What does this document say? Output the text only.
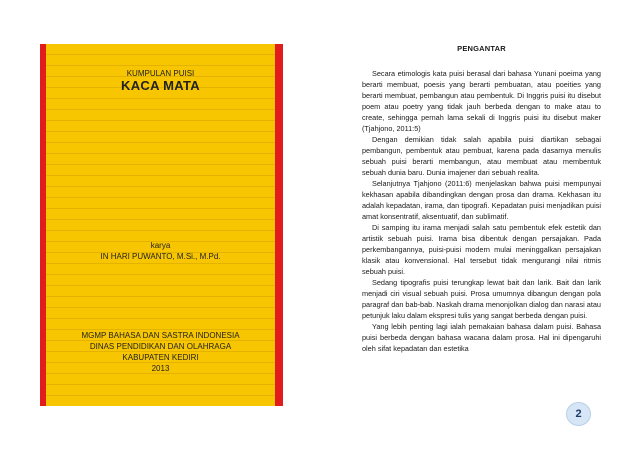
KUMPULAN PUISI
KACA MATA
karya
IN HARI PUWANTO, M.Si., M.Pd.
MGMP BAHASA DAN SASTRA INDONESIA
DINAS PENDIDIKAN DAN OLAHRAGA
KABUPATEN KEDIRI
2013
PENGANTAR

Secara etimologis kata puisi berasal dari bahasa Yunani poeima yang berarti membuat, poesis yang berarti pembuatan, atau poeities yang berarti membuat, pembangun atau pembentuk. Di Inggris puisi itu disebut poem atau poetry yang tidak jauh berbeda dengan to make atau to create, sehingga pernah lama sekali di Inggris puisi itu disebut maker (Tjahjono, 2011:5)

Dengan demikian tidak salah apabila puisi diartikan sebagai pembangun, pembentuk atau pembuat, karena pada dasarnya menulis sebuah puisi berarti membangun, atau membuat atau membentuk sebuah dunia baru. Dunia imajener dari sebuah realita.

Selanjutnya Tjahjono (2011:6) menjelaskan bahwa puisi mempunyai kekhasan apabila dibandingkan dengan prosa dan drama. Kekhasan itu adalah kepadatan, irama, dan tipografi. Kepadatan puisi menjadikan puisi amat konsentratif, aksentuatif, dan sublimatif.

Di samping itu irama menjadi salah satu pembentuk efek estetik dan artistik sebuah puisi. Irama bisa dibentuk dengan persajakan. Pada perkembangannya, puisi-puisi modern mulai meninggalkan persajakan klasik atau konvensional. Hal tersebut tidak mengurangi nilai ritmis sebuah puisi.

Sedang tipografis puisi terungkap lewat bait dan larik. Bait dan larik menjadi ciri visual sebuah puisi. Prosa umumnya dibangun dengan pola paragraf dan bab-bab. Naskah drama menonjolkan dialog dan narasi atau petunjuk laku dalam ekspresi tulis yang sangat berbeda dengan puisi.

Yang lebih penting lagi ialah pemakaian bahasa dalam puisi. Bahasa puisi berbeda dengan bahasa wacana dalam prosa. Hal ini dipengaruhi oleh sifat kepadatan dan estetika

2
